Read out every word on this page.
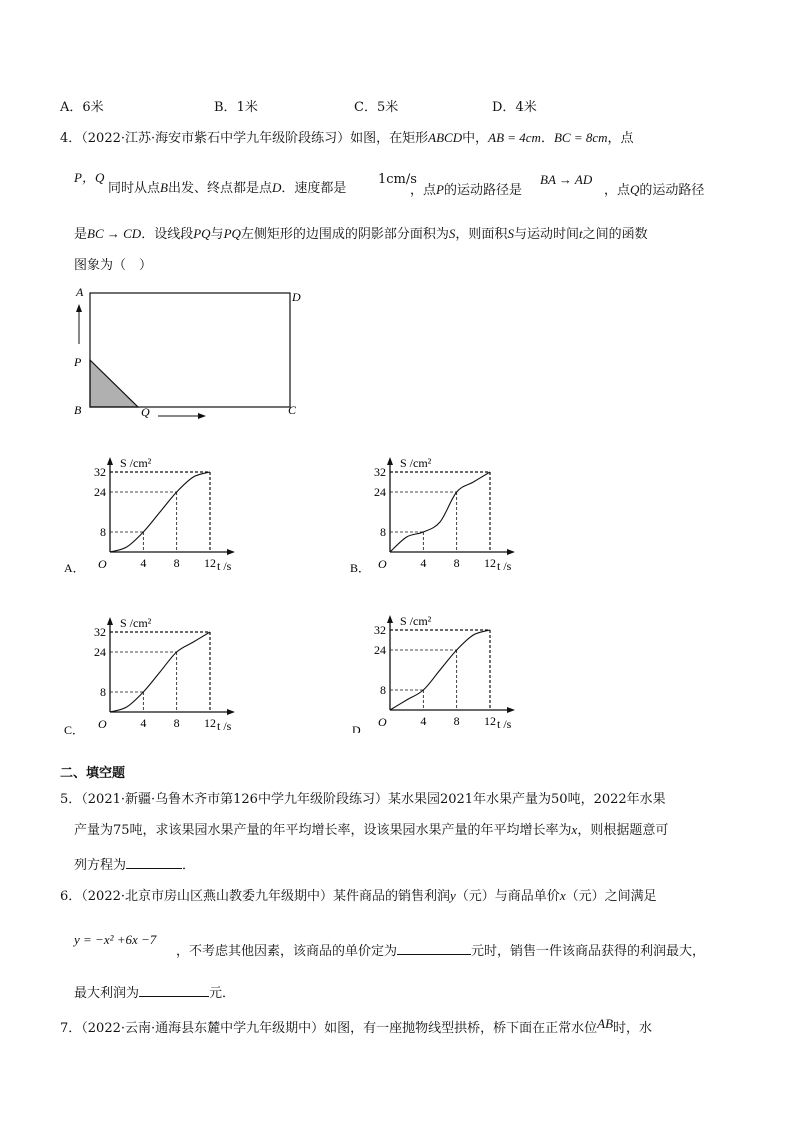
A．6米	B．1米	C．5米	D．4米
4．（2022·江苏·海安市紫石中学九年级阶段练习）如图，在矩形ABCD中，AB = 4cm．BC = 8cm，点
P，Q
同时从点B出发、终点都是点D．速度都是
1cm/s
，点P的运动路径是
BA → AD
，点Q的运动路径
是BC → CD．设线段PQ与PQ左侧矩形的边围成的阴影部分面积为S，则面积S与运动时间t之间的函数
图象为（　）
A	D
P
B	Q	C
S /cm²
t /s
O
8
24
32
4 8 12
A．
S /cm²
t /s
O
8
24
32
4 8 12
B．
S /cm²
t /s
O
8
24
32
4 8 12
C．
S /cm²
t /s
O
8
24
32
4 8 12
D．
二、填空题
5．（2021·新疆·乌鲁木齐市第126中学九年级阶段练习）某水果园2021年水果产量为50吨，2022年水果
产量为75吨，求该果园水果产量的年平均增长率，设该果园水果产量的年平均增长率为x，则根据题意可
列方程为	．
6．（2022·北京市房山区燕山教委九年级期中）某件商品的销售利润y（元）与商品单价x（元）之间满足
y = −x² +6x −7
，不考虑其他因素，该商品的单价定为	元时，销售一件该商品获得的利润最大，
最大利润为	元．
7．（2022·云南·通海县东麓中学九年级期中）如图，有一座抛物线型拱桥，桥下面在正常水位AB时，水
